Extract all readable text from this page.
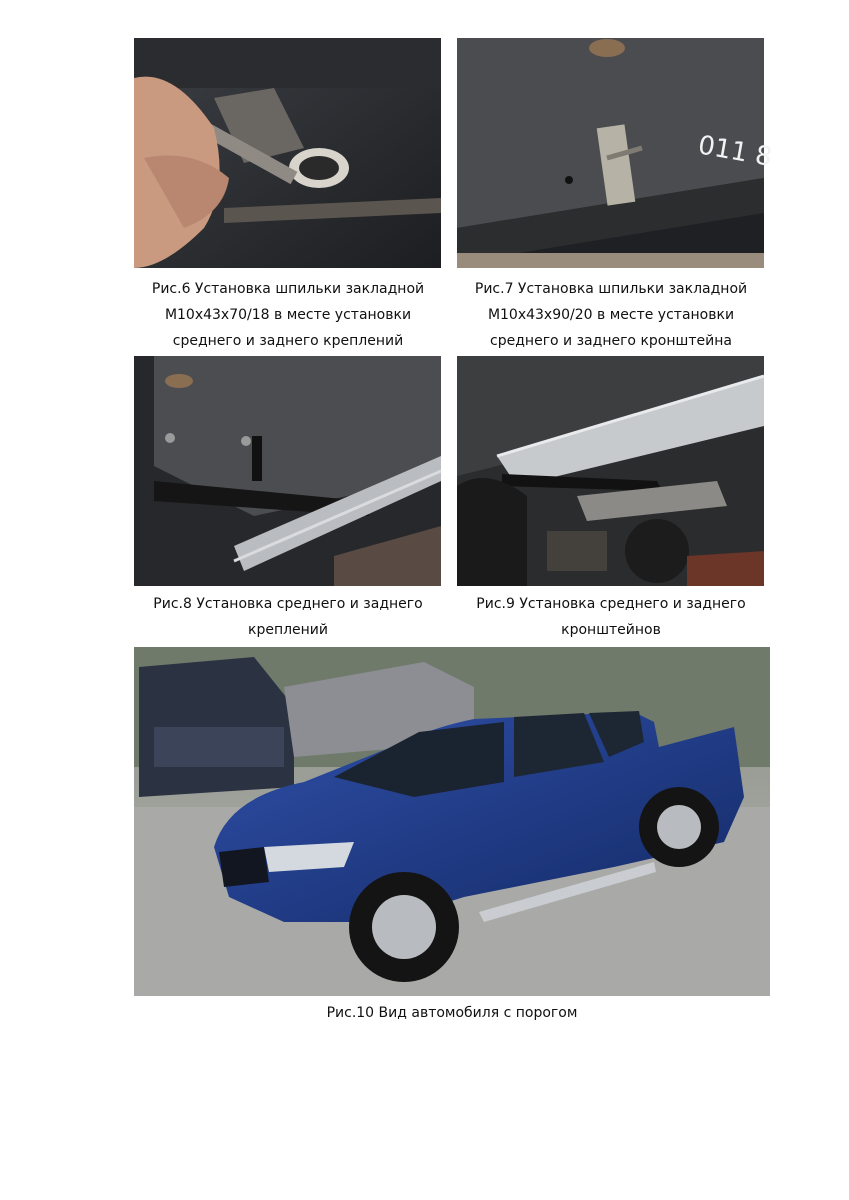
011 8
Рис.6 Установка шпильки закладной
M10x43x70/18 в месте установки
среднего и заднего креплений
Рис.7 Установка шпильки закладной
M10x43x90/20 в месте установки
среднего и заднего кронштейна
Рис.8 Установка среднего и заднего
креплений
Рис.9 Установка среднего и заднего
кронштейнов
Рис.10 Вид автомобиля с порогом
